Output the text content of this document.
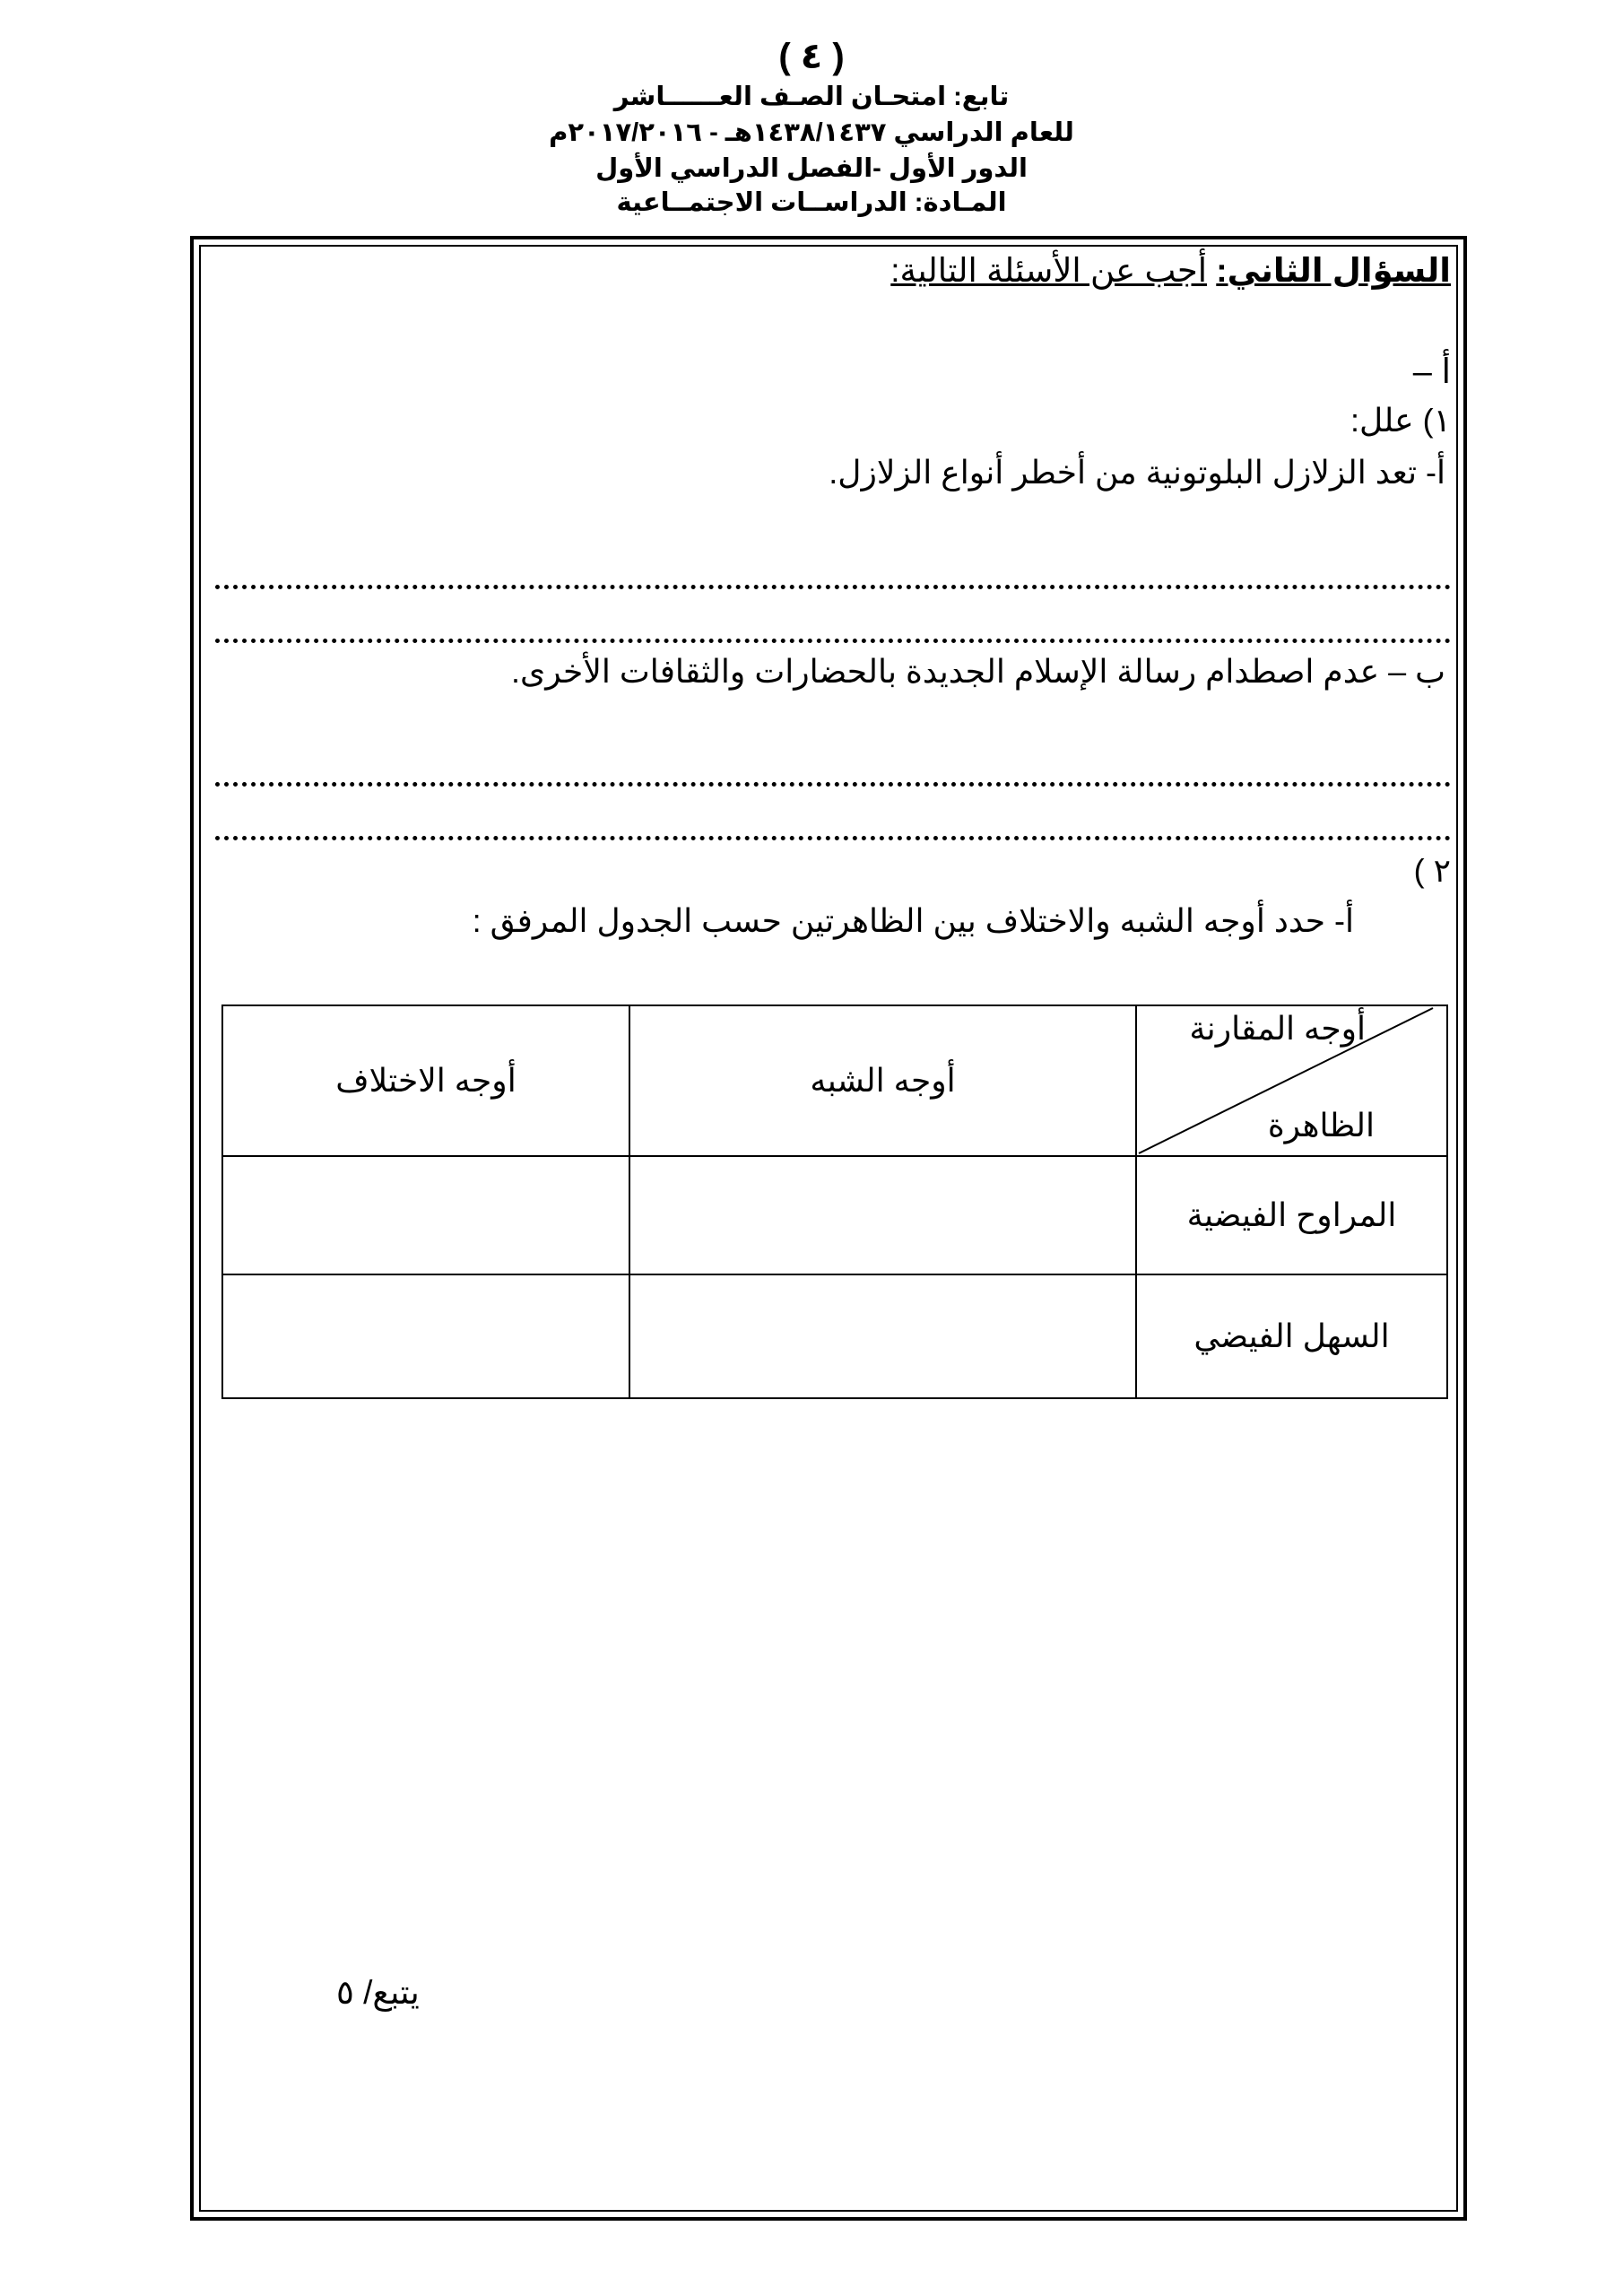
( ٤ )
تابع: امتحـان الصـف العــــــاشر
للعام الدراسي ١٤٣٨/١٤٣٧هـ - ٢٠١٧/٢٠١٦م
الدور الأول -الفصل الدراسي الأول
المـادة: الدراســات الاجتمــاعية
السؤال الثاني: أجب عن الأسئلة التالية:
أ –
١) علل:
أ- تعد الزلازل البلوتونية من أخطر أنواع الزلازل.
ب – عدم اصطدام رسالة الإسلام الجديدة بالحضارات والثقافات الأخرى.
٢ )
أ- حدد أوجه الشبه والاختلاف بين الظاهرتين حسب الجدول المرفق :
أوجه المقارنة
الظاهرة	أوجه الشبه	أوجه الاختلاف
المراوح الفيضية		
السهل الفيضي		
يتبع/ ٥
